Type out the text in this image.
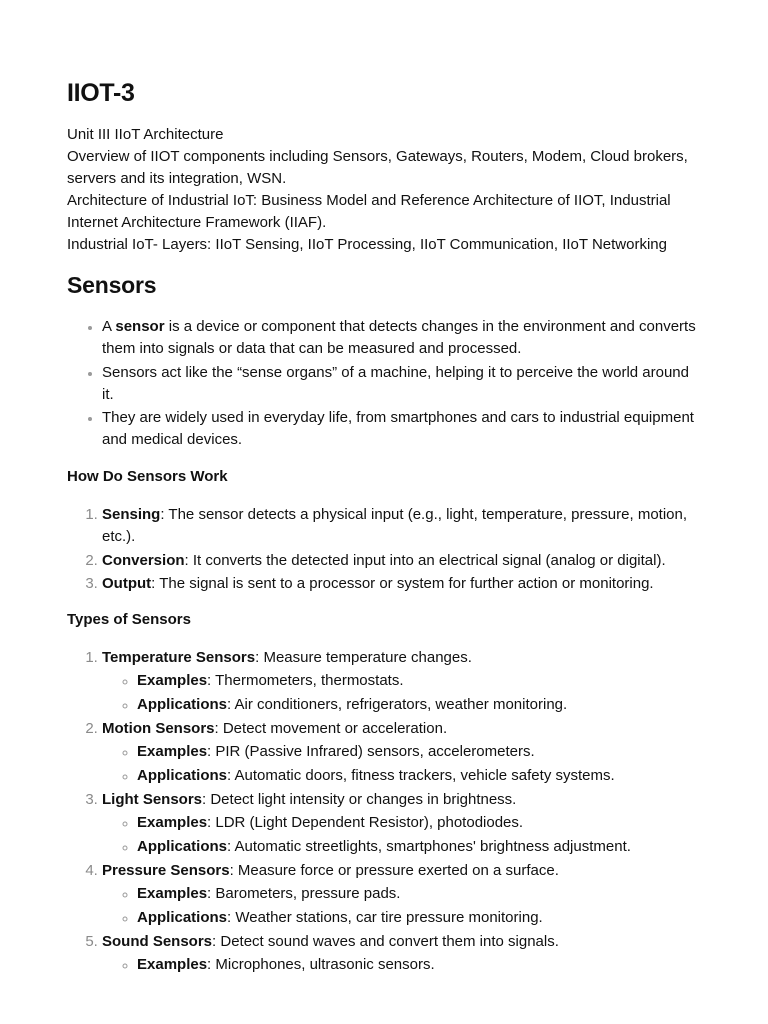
IIOT-3
Unit III IIoT Architecture
Overview of IIOT components including Sensors, Gateways, Routers, Modem, Cloud brokers, servers and its integration, WSN.
Architecture of Industrial IoT: Business Model and Reference Architecture of IIOT, Industrial Internet Architecture Framework (IIAF).
Industrial IoT- Layers: IIoT Sensing, IIoT Processing, IIoT Communication, IIoT Networking
Sensors
• A sensor is a device or component that detects changes in the environment and converts them into signals or data that can be measured and processed.
• Sensors act like the “sense organs” of a machine, helping it to perceive the world around it.
• They are widely used in everyday life, from smartphones and cars to industrial equipment and medical devices.
How Do Sensors Work
1. Sensing: The sensor detects a physical input (e.g., light, temperature, pressure, motion, etc.).
2. Conversion: It converts the detected input into an electrical signal (analog or digital).
3. Output: The signal is sent to a processor or system for further action or monitoring.
Types of Sensors
1. Temperature Sensors: Measure temperature changes.
◦ Examples: Thermometers, thermostats.
◦ Applications: Air conditioners, refrigerators, weather monitoring.
2. Motion Sensors: Detect movement or acceleration.
◦ Examples: PIR (Passive Infrared) sensors, accelerometers.
◦ Applications: Automatic doors, fitness trackers, vehicle safety systems.
3. Light Sensors: Detect light intensity or changes in brightness.
◦ Examples: LDR (Light Dependent Resistor), photodiodes.
◦ Applications: Automatic streetlights, smartphones' brightness adjustment.
4. Pressure Sensors: Measure force or pressure exerted on a surface.
◦ Examples: Barometers, pressure pads.
◦ Applications: Weather stations, car tire pressure monitoring.
5. Sound Sensors: Detect sound waves and convert them into signals.
◦ Examples: Microphones, ultrasonic sensors.
